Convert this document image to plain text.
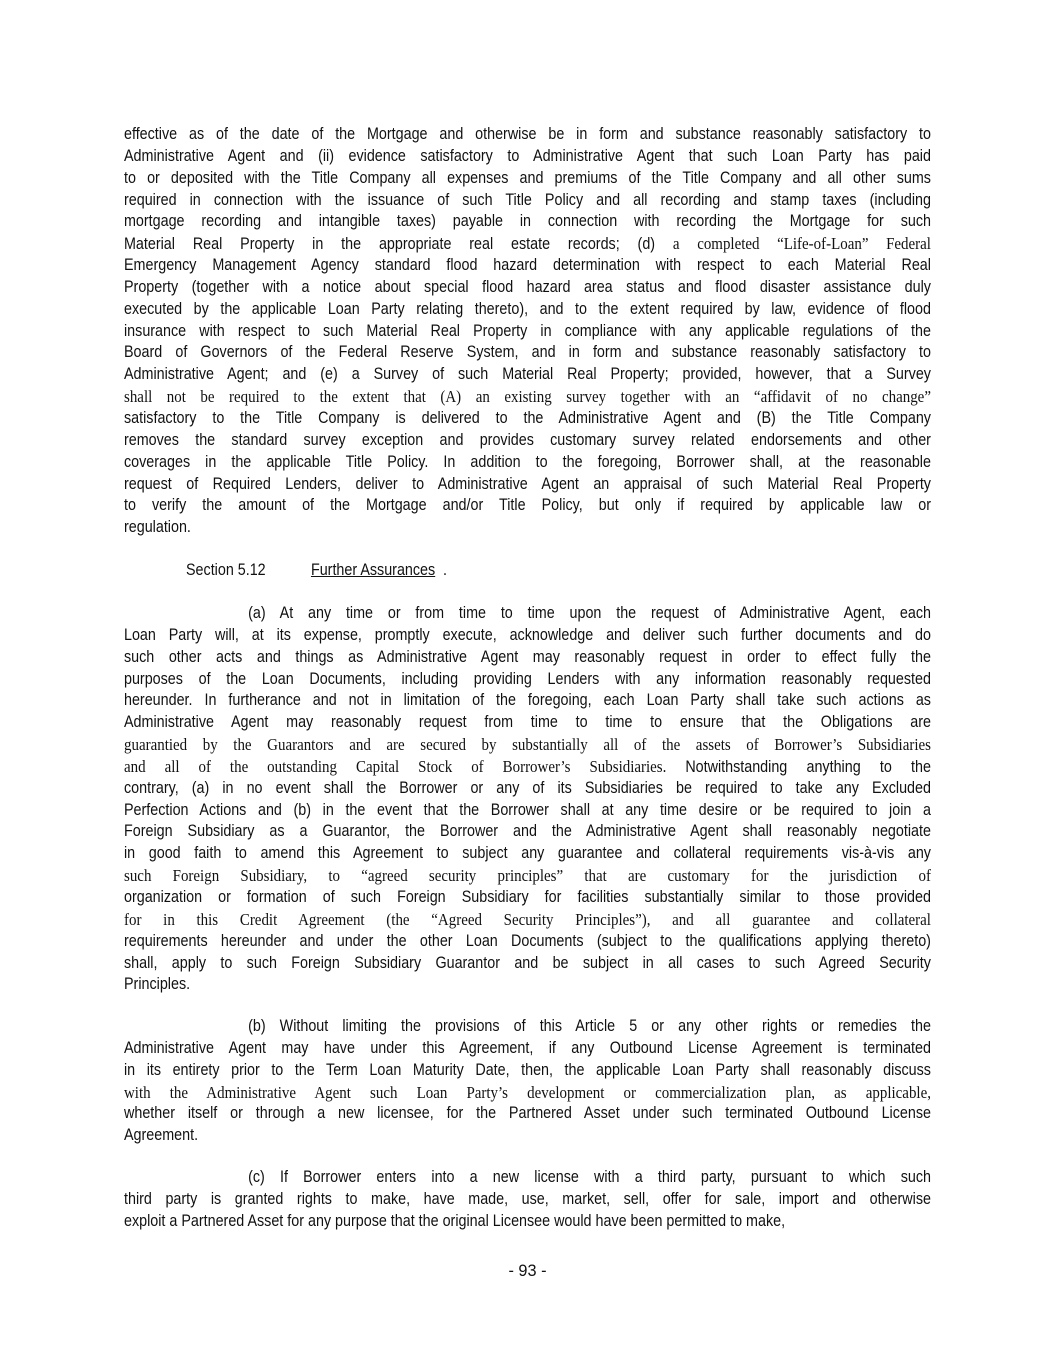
effective as of the date of the Mortgage and otherwise be in form and substance reasonably satisfactory to
Administrative Agent and (ii) evidence satisfactory to Administrative Agent that such Loan Party has paid
to or deposited with the Title Company all expenses and premiums of the Title Company and all other sums
required in connection with the issuance of such Title Policy and all recording and stamp taxes (including
mortgage recording and intangible taxes) payable in connection with recording the Mortgage for such
Material Real Property in the appropriate real estate records; (d) a completed “Life-of-Loan” Federal
Emergency Management Agency standard flood hazard determination with respect to each Material Real
Property (together with a notice about special flood hazard area status and flood disaster assistance duly
executed by the applicable Loan Party relating thereto), and to the extent required by law, evidence of flood
insurance with respect to such Material Real Property in compliance with any applicable regulations of the
Board of Governors of the Federal Reserve System, and in form and substance reasonably satisfactory to
Administrative Agent; and (e) a Survey of such Material Real Property; provided, however, that a Survey
shall not be required to the extent that (A) an existing survey together with an “affidavit of no change”
satisfactory to the Title Company is delivered to the Administrative Agent and (B) the Title Company
removes the standard survey exception and provides customary survey related endorsements and other
coverages in the applicable Title Policy. In addition to the foregoing, Borrower shall, at the reasonable
request of Required Lenders, deliver to Administrative Agent an appraisal of such Material Real Property
to verify the amount of the Mortgage and/or Title Policy, but only if required by applicable law or
regulation.
Section 5.12	Further Assurances .
(a) At any time or from time to time upon the request of Administrative Agent, each
Loan Party will, at its expense, promptly execute, acknowledge and deliver such further documents and do
such other acts and things as Administrative Agent may reasonably request in order to effect fully the
purposes of the Loan Documents, including providing Lenders with any information reasonably requested
hereunder. In furtherance and not in limitation of the foregoing, each Loan Party shall take such actions as
Administrative Agent may reasonably request from time to time to ensure that the Obligations are
guarantied by the Guarantors and are secured by substantially all of the assets of Borrower’s Subsidiaries
and all of the outstanding Capital Stock of Borrower’s Subsidiaries. Notwithstanding anything to the
contrary, (a) in no event shall the Borrower or any of its Subsidiaries be required to take any Excluded
Perfection Actions and (b) in the event that the Borrower shall at any time desire or be required to join a
Foreign Subsidiary as a Guarantor, the Borrower and the Administrative Agent shall reasonably negotiate
in good faith to amend this Agreement to subject any guarantee and collateral requirements vis-à-vis any
such Foreign Subsidiary, to “agreed security principles” that are customary for the jurisdiction of
organization or formation of such Foreign Subsidiary for facilities substantially similar to those provided
for in this Credit Agreement (the “Agreed Security Principles”), and all guarantee and collateral
requirements hereunder and under the other Loan Documents (subject to the qualifications applying thereto)
shall, apply to such Foreign Subsidiary Guarantor and be subject in all cases to such Agreed Security
Principles.
(b) Without limiting the provisions of this Article 5 or any other rights or remedies the
Administrative Agent may have under this Agreement, if any Outbound License Agreement is terminated
in its entirety prior to the Term Loan Maturity Date, then, the applicable Loan Party shall reasonably discuss
with the Administrative Agent such Loan Party’s development or commercialization plan, as applicable,
whether itself or through a new licensee, for the Partnered Asset under such terminated Outbound License
Agreement.
(c) If Borrower enters into a new license with a third party, pursuant to which such
third party is granted rights to make, have made, use, market, sell, offer for sale, import and otherwise
exploit a Partnered Asset for any purpose that the original Licensee would have been permitted to make,
- 93 -
